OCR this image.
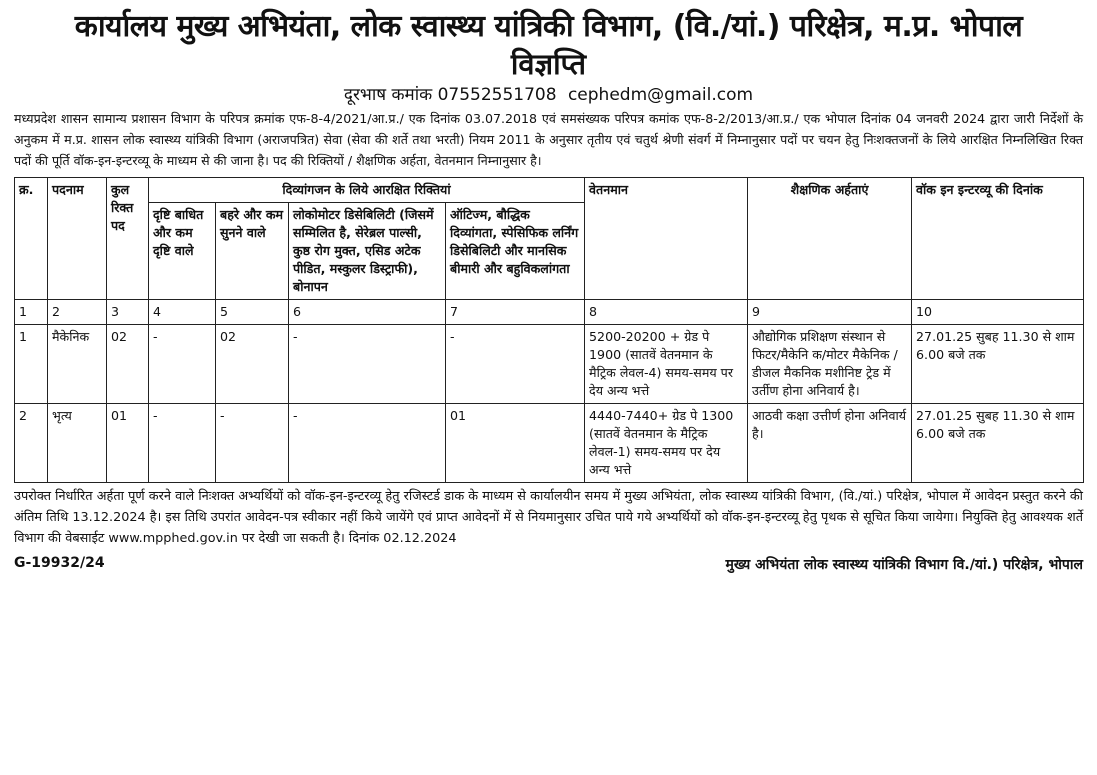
कार्यालय मुख्य अभियंता, लोक स्वास्थ्य यांत्रिकी विभाग, (वि./यां.) परिक्षेत्र, म.प्र. भोपाल
विज्ञप्ति
दूरभाष कमांक 07552551708 cephedm@gmail.com
मध्यप्रदेश शासन सामान्य प्रशासन विभाग के परिपत्र क्रमांक एफ-8-4/2021/आ.प्र./ एक दिनांक 03.07.2018 एवं समसंख्यक परिपत्र कमांक एफ-8-2/2013/आ.प्र./ एक भोपाल दिनांक 04 जनवरी 2024 द्वारा जारी निर्देशों के अनुकम में म.प्र. शासन लोक स्वास्थ्य यांत्रिकी विभाग (अराजपत्रित) सेवा (सेवा की शर्ते तथा भरती) नियम 2011 के अनुसार तृतीय एवं चतुर्थ श्रेणी संवर्ग में निम्नानुसार पदों पर चयन हेतु निःशक्तजनों के लिये आरक्षित निम्नलिखित रिक्त पदों की पूर्ति वॉक-इन-इन्टरव्यू के माध्यम से की जाना है। पद की रिक्तियों / शैक्षणिक अर्हता, वेतनमान निम्नानुसार है।
क्र.	पदनाम	कुल रिक्त पद	दिव्यांगजन के लिये आरक्षित रिक्तियां				वेतनमान	शैक्षणिक अर्हताएं	वॉक इन इन्टरव्यू की दिनांक
			दृष्टि बाधित और कम दृष्टि वाले	बहरे और कम सुनने वाले	लोकोमोटर डिसेबिलिटी (जिसमें सम्मिलित है, सेरेब्रल पाल्सी, कुष्ठ रोग मुक्त, एसिड अटेक पीडित, मस्कुलर डिस्ट्राफी), बोनापन	ऑटिज्म, बौद्धिक दिव्यांगता, स्पेसिफिक लर्निंग डिसेबिलिटी और मानसिक बीमारी और बहुविकलांगता			
1	2	3	4	5	6	7	8	9	10
1	मैकेनिक	02	-	02	-	-	5200-20200 + ग्रेड पे 1900 (सातवें वेतनमान के मैट्रिक लेवल-4) समय-समय पर देय अन्य भत्ते	औद्योगिक प्रशिक्षण संस्थान से फिटर/मैकेनि क/मोटर मैकेनिक / डीजल मैकनिक मशीनिष्ट ट्रेड में उर्तीण होना अनिवार्य है।	27.01.25 सुबह 11.30 से शाम 6.00 बजे तक
2	भृत्य	01	-	-	-	01	4440-7440+ ग्रेड पे 1300 (सातवें वेतनमान के मैट्रिक लेवल-1) समय-समय पर देय अन्य भत्ते	आठवी कक्षा उत्तीर्ण होना अनिवार्य है।	27.01.25 सुबह 11.30 से शाम 6.00 बजे तक
उपरोक्त निर्धारित अर्हता पूर्ण करने वाले निःशक्त अभ्यर्थियों को वॉक-इन-इन्टरव्यू हेतु रजिस्टर्ड डाक के माध्यम से कार्यालयीन समय में मुख्य अभियंता, लोक स्वास्थ्य यांत्रिकी विभाग, (वि./यां.) परिक्षेत्र, भोपाल में आवेदन प्रस्तुत करने की अंतिम तिथि 13.12.2024 है। इस तिथि उपरांत आवेदन-पत्र स्वीकार नहीं किये जायेंगे एवं प्राप्त आवेदनों में से नियमानुसार उचित पाये गये अभ्यर्थियों को वॉक-इन-इन्टरव्यू हेतु पृथक से सूचित किया जायेगा। नियुक्ति हेतु आवश्यक शर्ते विभाग की वेबसाईट www.mpphed.gov.in पर देखी जा सकती है। दिनांक 02.12.2024
G-19932/24	मुख्य अभियंता लोक स्वास्थ्य यांत्रिकी विभाग वि./यां.) परिक्षेत्र, भोपाल
